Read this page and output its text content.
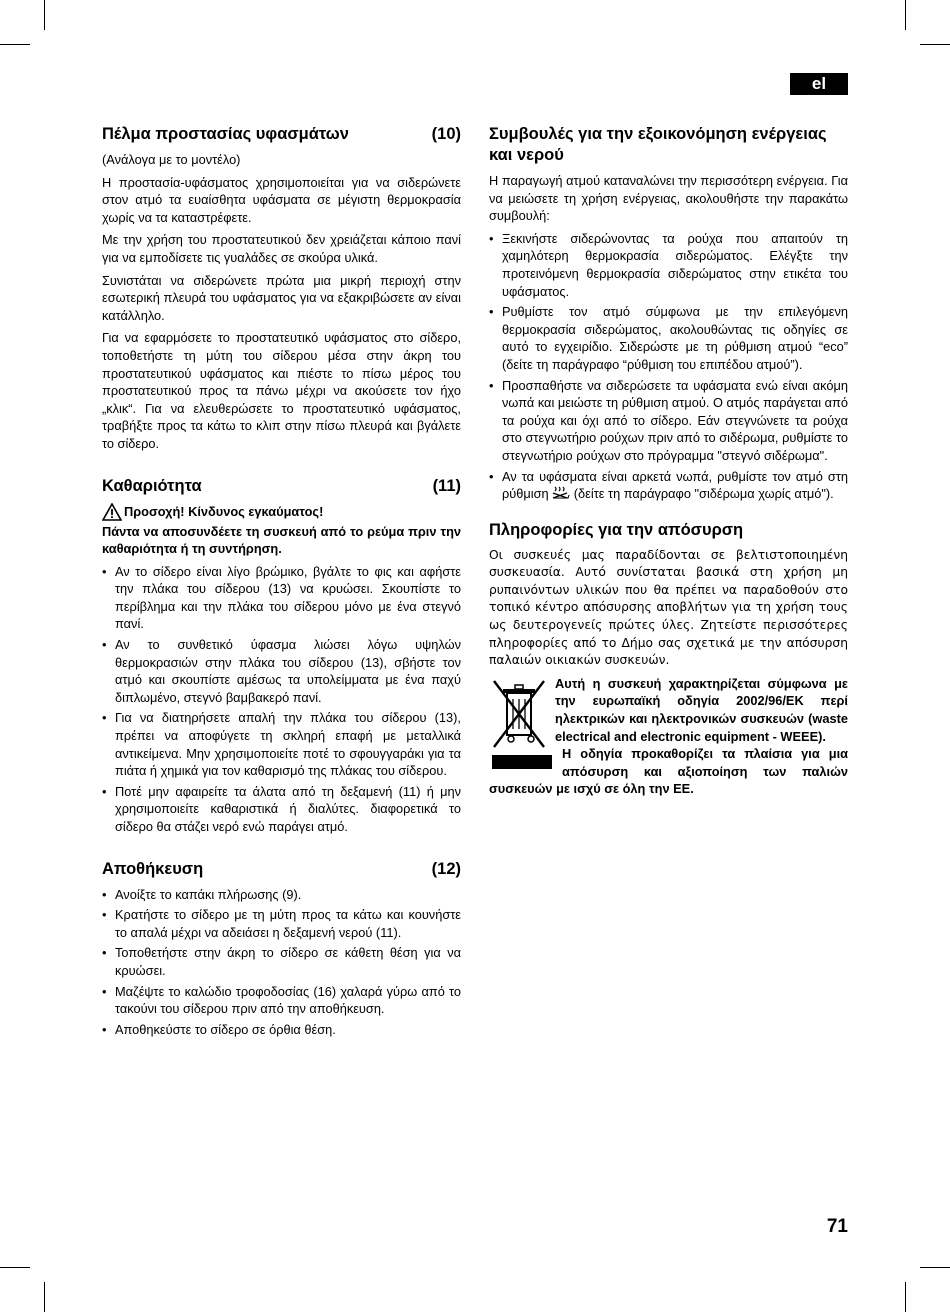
el
Πέλμα προστασίας υφασμάτων	(10)

(Ανάλογα με το μοντέλο)

Η προστασία-υφάσματος χρησιμοποιείται για να σιδερώνετε στον ατμό τα ευαίσθητα υφάσματα σε μέγιστη θερμοκρασία χωρίς να τα καταστρέφετε.

Με την χρήση του προστατευτικού δεν χρειάζεται κάποιο πανί για να εμποδίσετε τις γυαλάδες σε σκούρα υλικά.

Συνιστάται να σιδερώνετε πρώτα μια μικρή περιοχή στην εσωτερική πλευρά του υφάσματος για να εξακριβώσετε αν είναι κατάλληλο.

Για να εφαρμόσετε το προστατευτικό υφάσματος στο σίδερο, τοποθετήστε τη μύτη του σίδερου μέσα στην άκρη του προστατευτικού υφάσματος και πιέστε το πίσω μέρος του προστατευτικού προς τα πάνω μέχρι να ακούσετε τον ήχο „κλικ“. Για να ελευθερώσετε το προστατευτικό υφάσματος, τραβήξτε προς τα κάτω το κλιπ στην πίσω πλευρά και βγάλετε το σίδερο.

Καθαριότητα	(11)

Προσοχή! Κίνδυνος εγκαύματος!

Πάντα να αποσυνδέετε τη συσκευή από το ρεύμα πριν την καθαριότητα ή τη συντήρηση.

• Αν το σίδερο είναι λίγο βρώμικο, βγάλτε το φις και αφήστε την πλάκα του σίδερου (13) να κρυώσει. Σκουπίστε το περίβλημα και την πλάκα του σίδερου μόνο με ένα στεγνό πανί.
• Αν το συνθετικό ύφασμα λιώσει λόγω υψηλών θερμοκρασιών στην πλάκα του σίδερου (13), σβήστε τον ατμό και σκουπίστε αμέσως τα υπολείμματα με ένα παχύ διπλωμένο, στεγνό βαμβακερό πανί.
• Για να διατηρήσετε απαλή την πλάκα του σίδερου (13), πρέπει να αποφύγετε τη σκληρή επαφή με μεταλλικά αντικείμενα. Μην χρησιμοποιείτε ποτέ το σφουγγαράκι για τα πιάτα ή χημικά για τον καθαρισμό της πλάκας του σίδερου.
• Ποτέ μην αφαιρείτε τα άλατα από τη δεξαμενή (11) ή μην χρησιμοποιείτε καθαριστικά ή διαλύτες. διαφορετικά το σίδερο θα στάζει νερό ενώ παράγει ατμό.
Αποθήκευση	(12)
• Ανοίξτε το καπάκι πλήρωσης (9).
• Κρατήστε το σίδερο με τη μύτη προς τα κάτω και κουνήστε το απαλά μέχρι να αδειάσει η δεξαμενή νερού (11).
• Τοποθετήστε στην άκρη το σίδερο σε κάθετη θέση για να κρυώσει.
• Μαζέψτε το καλώδιο τροφοδοσίας (16) χαλαρά γύρω από το τακούνι του σίδερου πριν από την αποθήκευση.
• Αποθηκεύστε το σίδερο σε όρθια θέση.
Συμβουλές για την εξοικονόμηση ενέργειας και νερού

Η παραγωγή ατμού καταναλώνει την περισσότερη ενέργεια. Για να μειώσετε τη χρήση ενέργειας, ακολουθήστε την παρακάτω συμβουλή:

• Ξεκινήστε σιδερώνοντας τα ρούχα που απαιτούν τη χαμηλότερη θερμοκρασία σιδερώματος. Ελέγξτε την προτεινόμενη θερμοκρασία σιδερώματος στην ετικέτα του υφάσματος.
• Ρυθμίστε τον ατμό σύμφωνα με την επιλεγόμενη θερμοκρασία σιδερώματος, ακολουθώντας τις οδηγίες σε αυτό το εγχειρίδιο. Σιδερώστε με τη ρύθμιση ατμού “eco” (δείτε τη παράγραφο “ρύθμιση του επιπέδου ατμού”).
• Προσπαθήστε να σιδερώσετε τα υφάσματα ενώ είναι ακόμη νωπά και μειώστε τη ρύθμιση ατμού. Ο ατμός παράγεται από τα ρούχα και όχι από το σίδερο. Εάν στεγνώνετε τα ρούχα στο στεγνωτήριο ρούχων πριν από το σιδέρωμα, ρυθμίστε το στεγνωτήριο ρούχων στο πρόγραμμα "στεγνό σιδέρωμα".
• Αν τα υφάσματα είναι αρκετά νωπά, ρυθμίστε τον ατμό στη ρύθμιση (δείτε τη παράγραφο "σιδέρωμα χωρίς ατμό").
Πληροφορίες για την απόσυρση

Οι συσκευές μας παραδίδονται σε βελτιστοποιημένη συσκευασία. Αυτό συνίσταται βασικά στη χρήση μη ρυπαινόντων υλικών που θα πρέπει να παραδοθούν στο τοπικό κέντρο απόσυρσης αποβλήτων για τη χρήση τους ως δευτερογενείς πρώτες ύλες. Ζητείστε περισσότερες πληροφορίες από το Δήμο σας σχετικά με την απόσυρση παλαιών οικιακών συσκευών.

Αυτή η συσκευή χαρακτηρίζεται σύμφωνα με την ευρωπαϊκή οδηγία 2002/96/ΕΚ περί ηλεκτρικών και ηλεκτρονικών συσκευών (waste electrical and electronic equipment - WEEE).
Η οδηγία προκαθορίζει τα πλαίσια για μια απόσυρση και αξιοποίηση των παλιών συσκευών με ισχύ σε όλη την ΕΕ.
71
